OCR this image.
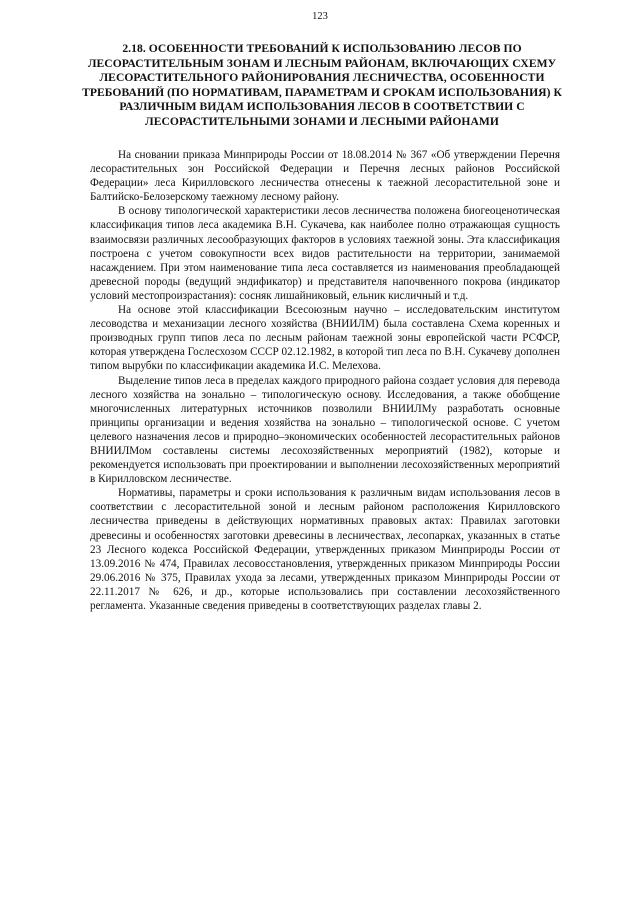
123
2.18. ОСОБЕННОСТИ ТРЕБОВАНИЙ К ИСПОЛЬЗОВАНИЮ ЛЕСОВ ПО ЛЕСОРАСТИТЕЛЬНЫМ ЗОНАМ И ЛЕСНЫМ РАЙОНАМ, ВКЛЮЧАЮЩИХ СХЕМУ ЛЕСОРАСТИТЕЛЬНОГО РАЙОНИРОВАНИЯ ЛЕСНИЧЕСТВА, ОСОБЕННОСТИ ТРЕБОВАНИЙ (ПО НОРМАТИВАМ, ПАРАМЕТРАМ И СРОКАМ ИСПОЛЬЗОВАНИЯ) К РАЗЛИЧНЫМ ВИДАМ ИСПОЛЬЗОВАНИЯ ЛЕСОВ В СООТВЕТСТВИИ С ЛЕСОРАСТИТЕЛЬНЫМИ ЗОНАМИ И ЛЕСНЫМИ РАЙОНАМИ

На сновании приказа Минприроды России от 18.08.2014 № 367 «Об утверждении Перечня лесорастительных зон Российской Федерации и Перечня лесных районов Российской Федерации» леса Кирилловского лесничества отнесены к таежной лесорастительной зоне и Балтийско-Белозерскому таежному лесному району.

В основу типологической характеристики лесов лесничества положена биогеоценотическая классификация типов леса академика В.Н. Сукачева, как наиболее полно отражающая сущность взаимосвязи различных лесообразующих факторов в условиях таежной зоны. Эта классификация построена с учетом совокупности всех видов растительности на территории, занимаемой насаждением. При этом наименование типа леса составляется из наименования преобладающей древесной породы (ведущий эндификатор) и представителя напочвенного покрова (индикатор условий местопроизрастания): сосняк лишайниковый, ельник кисличный и т.д.

На основе этой классификации Всесоюзным научно – исследовательским институтом лесоводства и механизации лесного хозяйства (ВНИИЛМ) была составлена Схема коренных и производных групп типов леса по лесным районам таежной зоны европейской части РСФСР, которая утверждена Гослесхозом СССР 02.12.1982, в которой тип леса по В.Н. Сукачеву дополнен типом вырубки по классификации академика И.С. Мелехова.

Выделение типов леса в пределах каждого природного района создает условия для перевода лесного хозяйства на зонально – типологическую основу. Исследования, а также обобщение многочисленных литературных источников позволили ВНИИЛМу разработать основные принципы организации и ведения хозяйства на зонально – типологической основе. С учетом целевого назначения лесов и природно–экономических особенностей лесорастительных районов ВНИИЛМом составлены системы лесохозяйственных мероприятий (1982), которые и рекомендуется использовать при проектировании и выполнении лесохозяйственных мероприятий в Кирилловском лесничестве.

Нормативы, параметры и сроки использования к различным видам использования лесов в соответствии с лесорастительной зоной и лесным районом расположения Кирилловского лесничества приведены в действующих нормативных правовых актах: Правилах заготовки древесины и особенностях заготовки древесины в лесничествах, лесопарках, указанных в статье 23 Лесного кодекса Российской Федерации, утвержденных приказом Минприроды России от 13.09.2016 № 474, Правилах лесовосстановления, утвержденных приказом Минприроды России 29.06.2016 № 375, Правилах ухода за лесами, утвержденных приказом Минприроды России от 22.11.2017 № 626, и др., которые использовались при составлении лесохозяйственного регламента. Указанные сведения приведены в соответствующих разделах главы 2.
